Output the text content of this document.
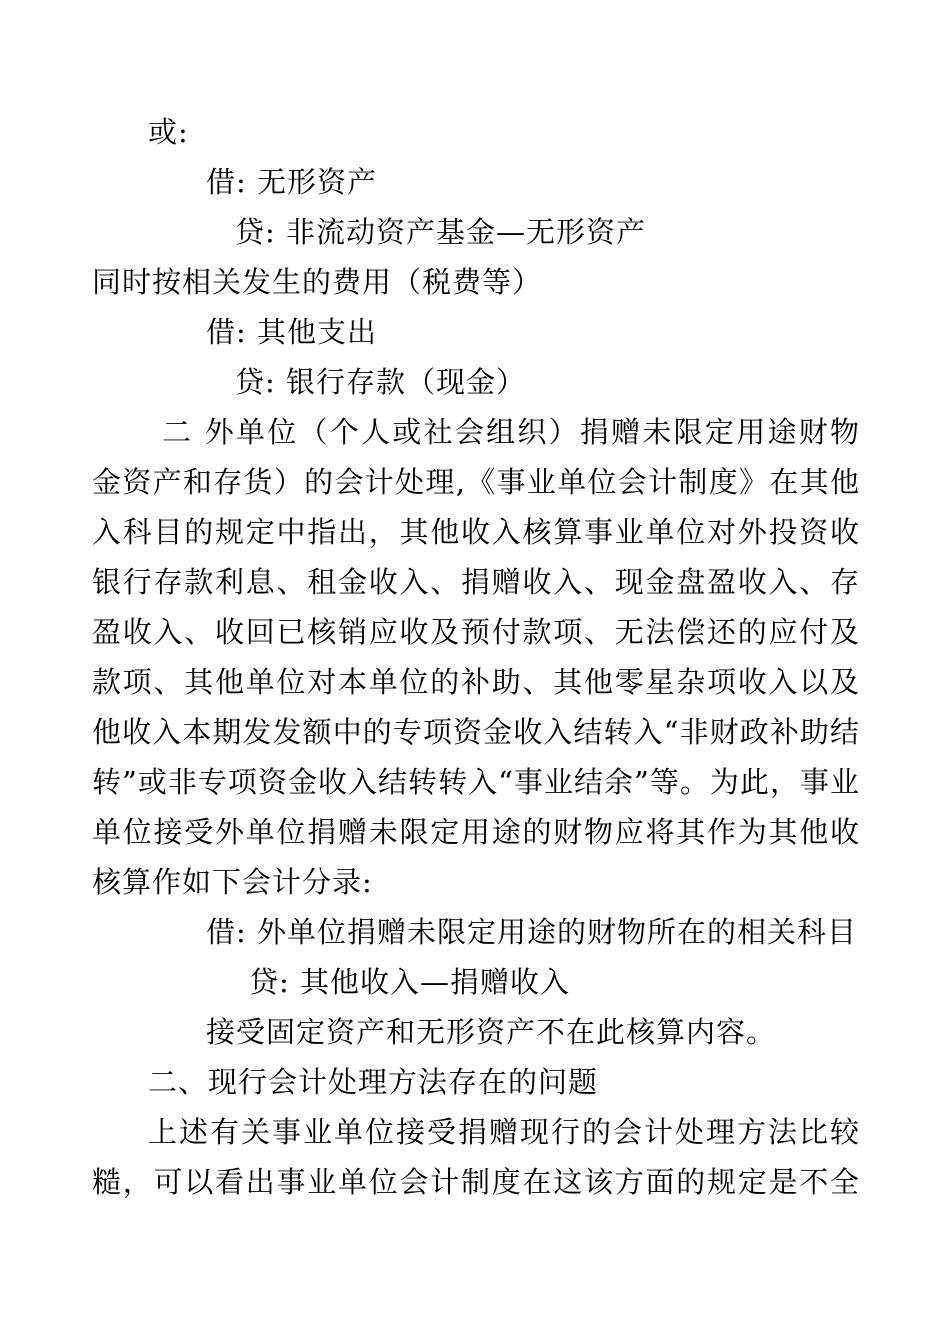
或:
借: 无形资产
贷: 非流动资产基金—无形资产
同时按相关发生的费用（税费等）
借: 其他支出
贷: 银行存款（现金）
二 外单位（个人或社会组织）捐赠未限定用途财物
金资产和存货）的会计处理,《事业单位会计制度》在其他
入科目的规定中指出，其他收入核算事业单位对外投资收
银行存款利息、租金收入、捐赠收入、现金盘盈收入、存
盈收入、收回已核销应收及预付款项、无法偿还的应付及
款项、其他单位对本单位的补助、其他零星杂项收入以及
他收入本期发发额中的专项资金收入结转入“非财政补助结
转”或非专项资金收入结转转入“事业结余”等。为此，事业
单位接受外单位捐赠未限定用途的财物应将其作为其他收
核算作如下会计分录:
借: 外单位捐赠未限定用途的财物所在的相关科目
贷: 其他收入—捐赠收入
接受固定资产和无形资产不在此核算内容。
二、现行会计处理方法存在的问题
上述有关事业单位接受捐赠现行的会计处理方法比较
糙，可以看出事业单位会计制度在这该方面的规定是不全
